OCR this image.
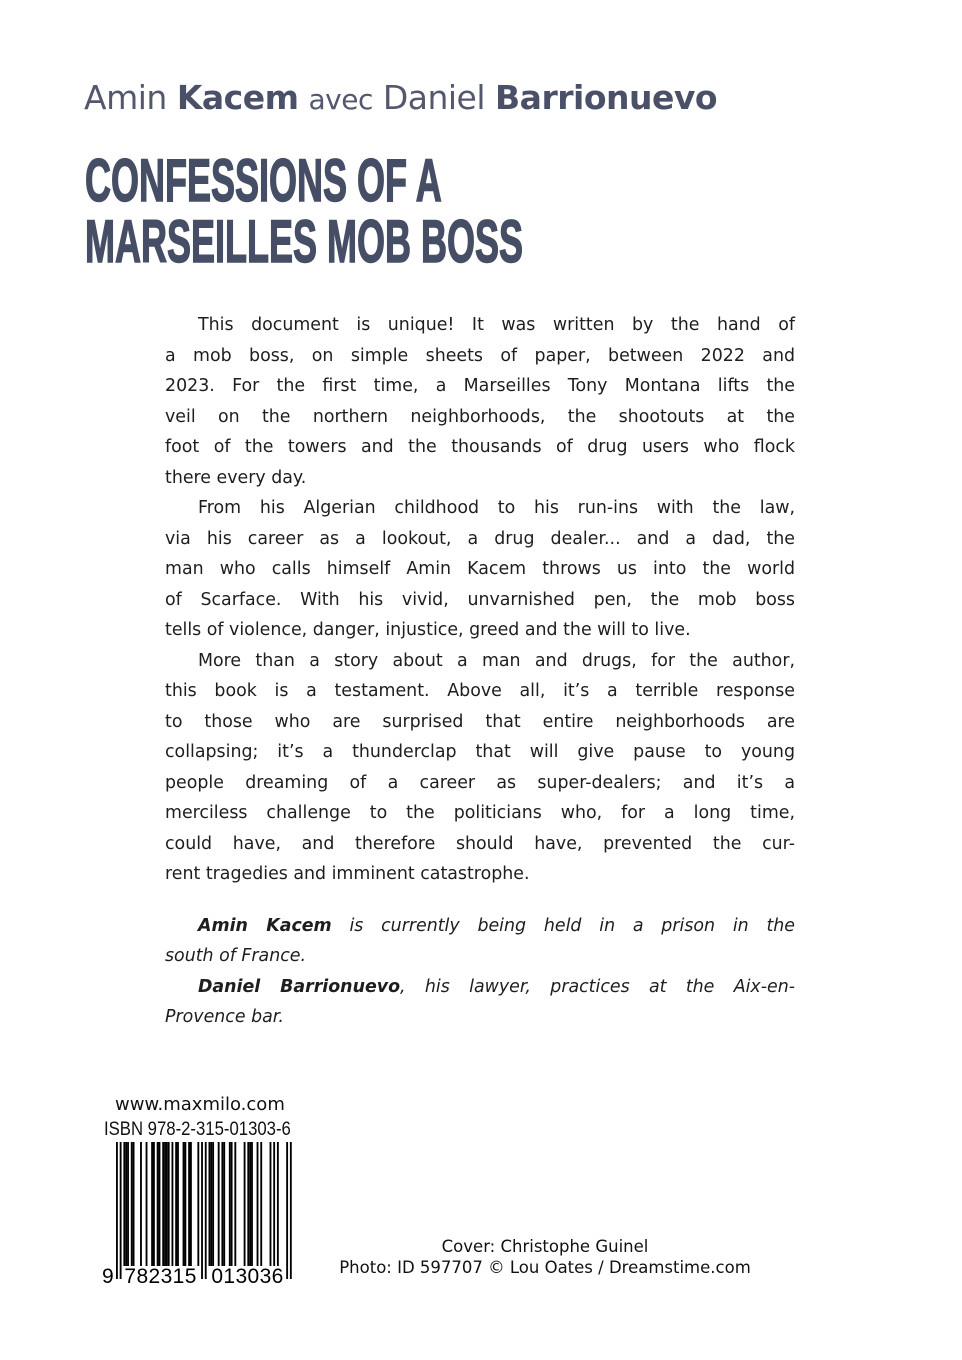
Amin Kacem avec Daniel Barrionuevo
CONFESSIONS OF A
MARSEILLES MOB BOSS
This document is unique! It was written by the hand of
a mob boss, on simple sheets of paper, between 2022 and
2023. For the first time, a Marseilles Tony Montana lifts the
veil on the northern neighborhoods, the shootouts at the
foot of the towers and the thousands of drug users who flock
there every day.
From his Algerian childhood to his run-ins with the law,
via his career as a lookout, a drug dealer... and a dad, the
man who calls himself Amin Kacem throws us into the world
of Scarface. With his vivid, unvarnished pen, the mob boss
tells of violence, danger, injustice, greed and the will to live.
More than a story about a man and drugs, for the author,
this book is a testament. Above all, it’s a terrible response
to those who are surprised that entire neighborhoods are
collapsing; it’s a thunderclap that will give pause to young
people dreaming of a career as super-dealers; and it’s a
merciless challenge to the politicians who, for a long time,
could have, and therefore should have, prevented the cur-
rent tragedies and imminent catastrophe.
Amin Kacem is currently being held in a prison in the
south of France.
Daniel Barrionuevo, his lawyer, practices at the Aix-en-
Provence bar.
www.maxmilo.com
ISBN 978-2-315-01303-6
9 782315 013036
Cover: Christophe Guinel
Photo: ID 597707 © Lou Oates / Dreamstime.com
